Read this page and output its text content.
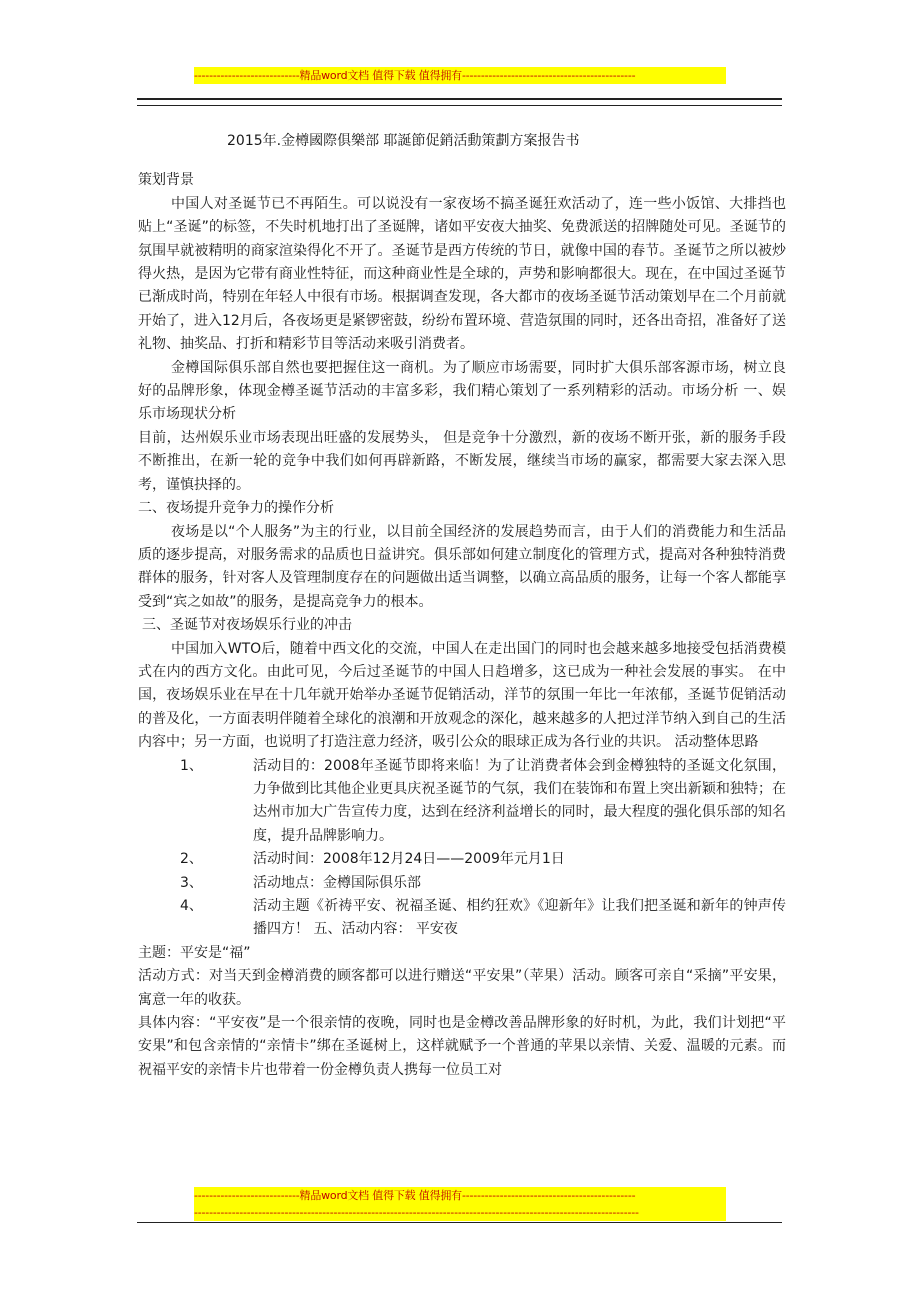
----------------------------精品word文档 值得下载 值得拥有----------------------------------------------

2015年.金樽國際俱樂部 耶誕節促銷活動策劃方案报告书

策划背景

中国人对圣诞节已不再陌生。可以说没有一家夜场不搞圣诞狂欢活动了，连一些小饭馆、大排挡也贴上“圣诞”的标签，不失时机地打出了圣诞牌，诸如平安夜大抽奖、免费派送的招牌随处可见。圣诞节的氛围早就被精明的商家渲染得化不开了。圣诞节是西方传统的节日，就像中国的春节。圣诞节之所以被炒得火热，是因为它带有商业性特征，而这种商业性是全球的，声势和影响都很大。现在，在中国过圣诞节已渐成时尚，特别在年轻人中很有市场。根据调查发现，各大都市的夜场圣诞节活动策划早在二个月前就开始了，进入12月后，各夜场更是紧锣密鼓，纷纷布置环境、营造氛围的同时，还各出奇招，准备好了送礼物、抽奖品、打折和精彩节目等活动来吸引消费者。

金樽国际俱乐部自然也要把握住这一商机。为了顺应市场需要，同时扩大俱乐部客源市场，树立良好的品牌形象，体现金樽圣诞节活动的丰富多彩，我们精心策划了一系列精彩的活动。市场分析 一、娱乐市场现状分析

目前，达州娱乐业市场表现出旺盛的发展势头， 但是竞争十分激烈，新的夜场不断开张，新的服务手段不断推出，在新一轮的竞争中我们如何再辟新路，不断发展，继续当市场的赢家，都需要大家去深入思考，谨慎抉择的。

二、夜场提升竞争力的操作分析

夜场是以“个人服务”为主的行业，以目前全国经济的发展趋势而言，由于人们的消费能力和生活品质的逐步提高，对服务需求的品质也日益讲究。俱乐部如何建立制度化的管理方式，提高对各种独特消费群体的服务，针对客人及管理制度存在的问题做出适当调整，以确立高品质的服务，让每一个客人都能享受到“宾之如故”的服务，是提高竞争力的根本。

三、圣诞节对夜场娱乐行业的冲击

中国加入WTO后，随着中西文化的交流，中国人在走出国门的同时也会越来越多地接受包括消费模式在内的西方文化。由此可见，今后过圣诞节的中国人日趋增多，这已成为一种社会发展的事实。 在中国，夜场娱乐业在早在十几年就开始举办圣诞节促销活动，洋节的氛围一年比一年浓郁，圣诞节促销活动的普及化，一方面表明伴随着全球化的浪潮和开放观念的深化，越来越多的人把过洋节纳入到自己的生活内容中；另一方面，也说明了打造注意力经济，吸引公众的眼球正成为各行业的共识。 活动整体思路

1、	活动目的：2008年圣诞节即将来临！为了让消费者体会到金樽独特的圣诞文化氛围，力争做到比其他企业更具庆祝圣诞节的气氛，我们在装饰和布置上突出新颖和独特；在达州市加大广告宣传力度，达到在经济利益增长的同时，最大程度的强化俱乐部的知名度，提升品牌影响力。
2、	活动时间：2008年12月24日——2009年元月1日
3、	活动地点：金樽国际俱乐部
4、	活动主题《祈祷平安、祝福圣诞、相约狂欢》《迎新年》让我们把圣诞和新年的钟声传播四方！ 五、活动内容： 平安夜

主题：平安是“福”

活动方式：对当天到金樽消费的顾客都可以进行赠送“平安果”（苹果）活动。顾客可亲自“采摘”平安果，寓意一年的收获。

具体内容：“平安夜”是一个很亲情的夜晚，同时也是金樽改善品牌形象的好时机，为此，我们计划把“平安果”和包含亲情的“亲情卡”绑在圣诞树上，这样就赋予一个普通的苹果以亲情、关爱、温暖的元素。而祝福平安的亲情卡片也带着一份金樽负责人携每一位员工对

----------------------------精品word文档 值得下载 值得拥有----------------------------------------------
----------------------------------------------------------------------------------------------------------------------
